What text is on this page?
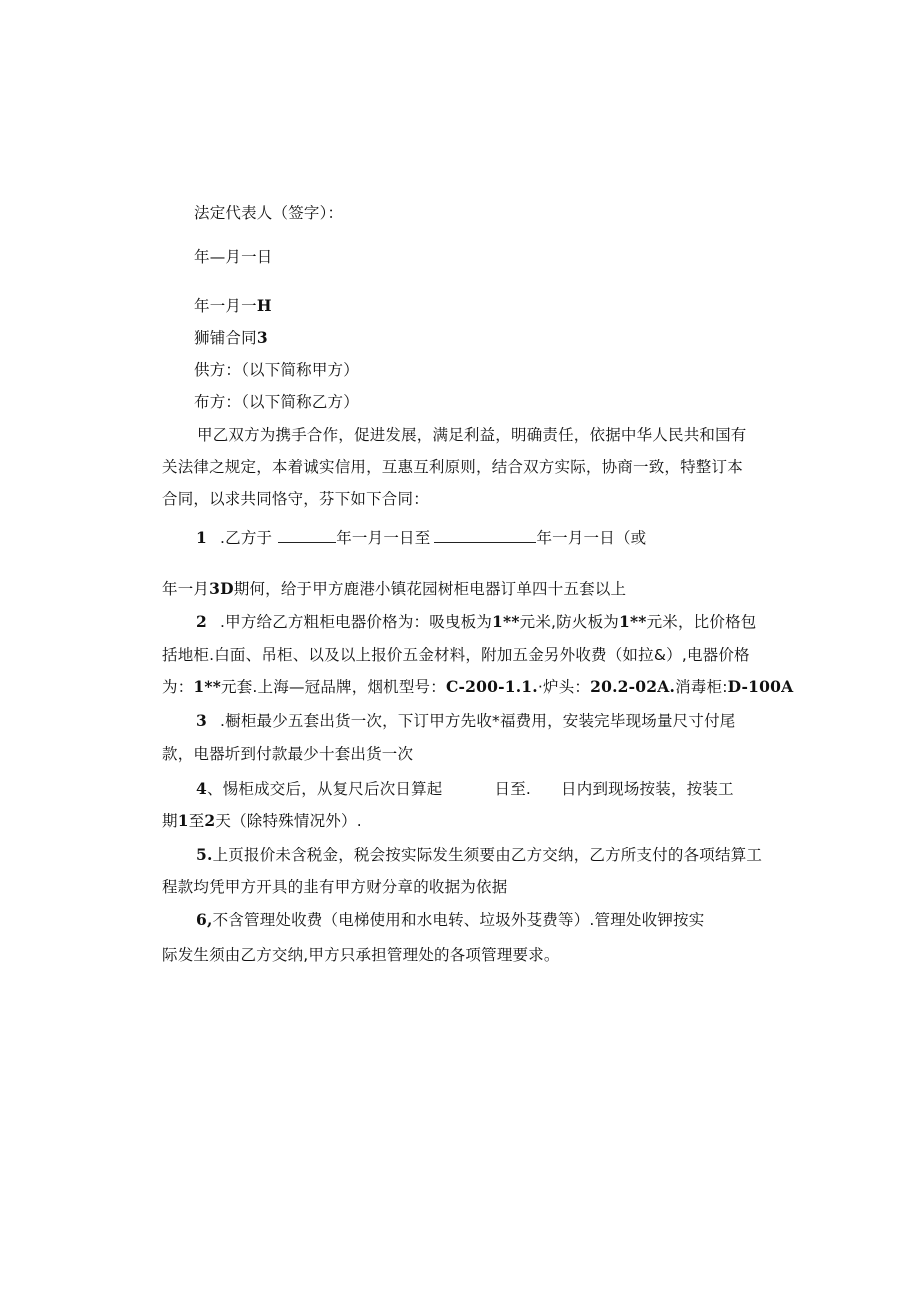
法定代表人（签字）：
年—月一日
年一月一H
狮铺合同3
供方：（以下简称甲方）
布方：（以下简称乙方）
甲乙双方为携手合作，促进发展，满足利益，明确责任，依据中华人民共和国有
关法律之规定，本着诚实信用，互惠互利原则，结合双方实际，协商一致，特整订本
合同，以求共同恪守，芬下如下合同：
1 .乙方于	年一月一日至	年一月一日（或
年一月3D期何，给于甲方鹿港小镇花园树柜电器订单四十五套以上
2 .甲方给乙方粗柜电器价格为：吸曳板为1**元米,防火板为1**元米，比价格包
括地柜.白面、吊柜、以及以上报价五金材料，附加五金另外收费（如拉&）,电器价格
为：1**元套.上海—冠品牌，烟机型号：C-200-1.1.·炉头：20.2-02A.消毒柜:D-100A
3 .橱柜最少五套出货一次，下订甲方先收*福费用，安装完毕现场量尺寸付尾
款，电器圻到付款最少十套出货一次
4、惕柜成交后，从复尺后次日算起	日至. 日内到现场按装，按装工
期1至2天（除特殊情况外）.
5.上页报价未含税金，税会按实际发生须要由乙方交纳，乙方所支付的各项结算工
程款均凭甲方开具的韭有甲方财分章的收据为依据
6,不含管理处收费（电梯使用和水电转、垃圾外芟费等）.管理处收钾按实
际发生须由乙方交纳,甲方只承担管理处的各项管理要求。
